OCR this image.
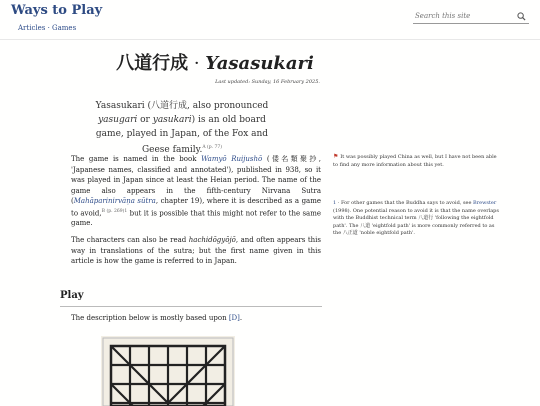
Ways to Play
Articles · Games
Search this site
八道行成 · Yasasukari
Last updated: Sunday, 16 February 2025.
Yasasukari (八道行成, also pronounced yasugari or yasukari) is an old board game, played in Japan, of the Fox and Geese family.$^{A (p. 77)}$
The game is named in the book Wamyō Ruijushō (倭名類聚抄, 'Japanese names, classified and annotated'), published in 938, so it was played in Japan since at least the Heian period. The name of the game also appears in the fifth-century Nirvana Sutra (Mahāparinirvāṇa sūtra, chapter 19), where it is described as a game to avoid,$^{B (p. 269)1}$ but it is possible that this might not refer to the same game.
The characters can also be read hachidōgyōjō, and often appears this way in translations of the sutra; but the first name given in this article is how the game is referred to in Japan.
⚑ It was possibly played China as well, but I have not been able to find any more information about this yet.
1 · For other games that the Buddha says to avoid, see Brewster (1998). One potential reason to avoid it is that the name overlaps with the Buddhist technical term 八道行 'following the eightfold path'. The 八道 'eightfold path' is more commonly referred to as the 八正道 'noble eightfold path'.
Play
The description below is mostly based upon [D].
